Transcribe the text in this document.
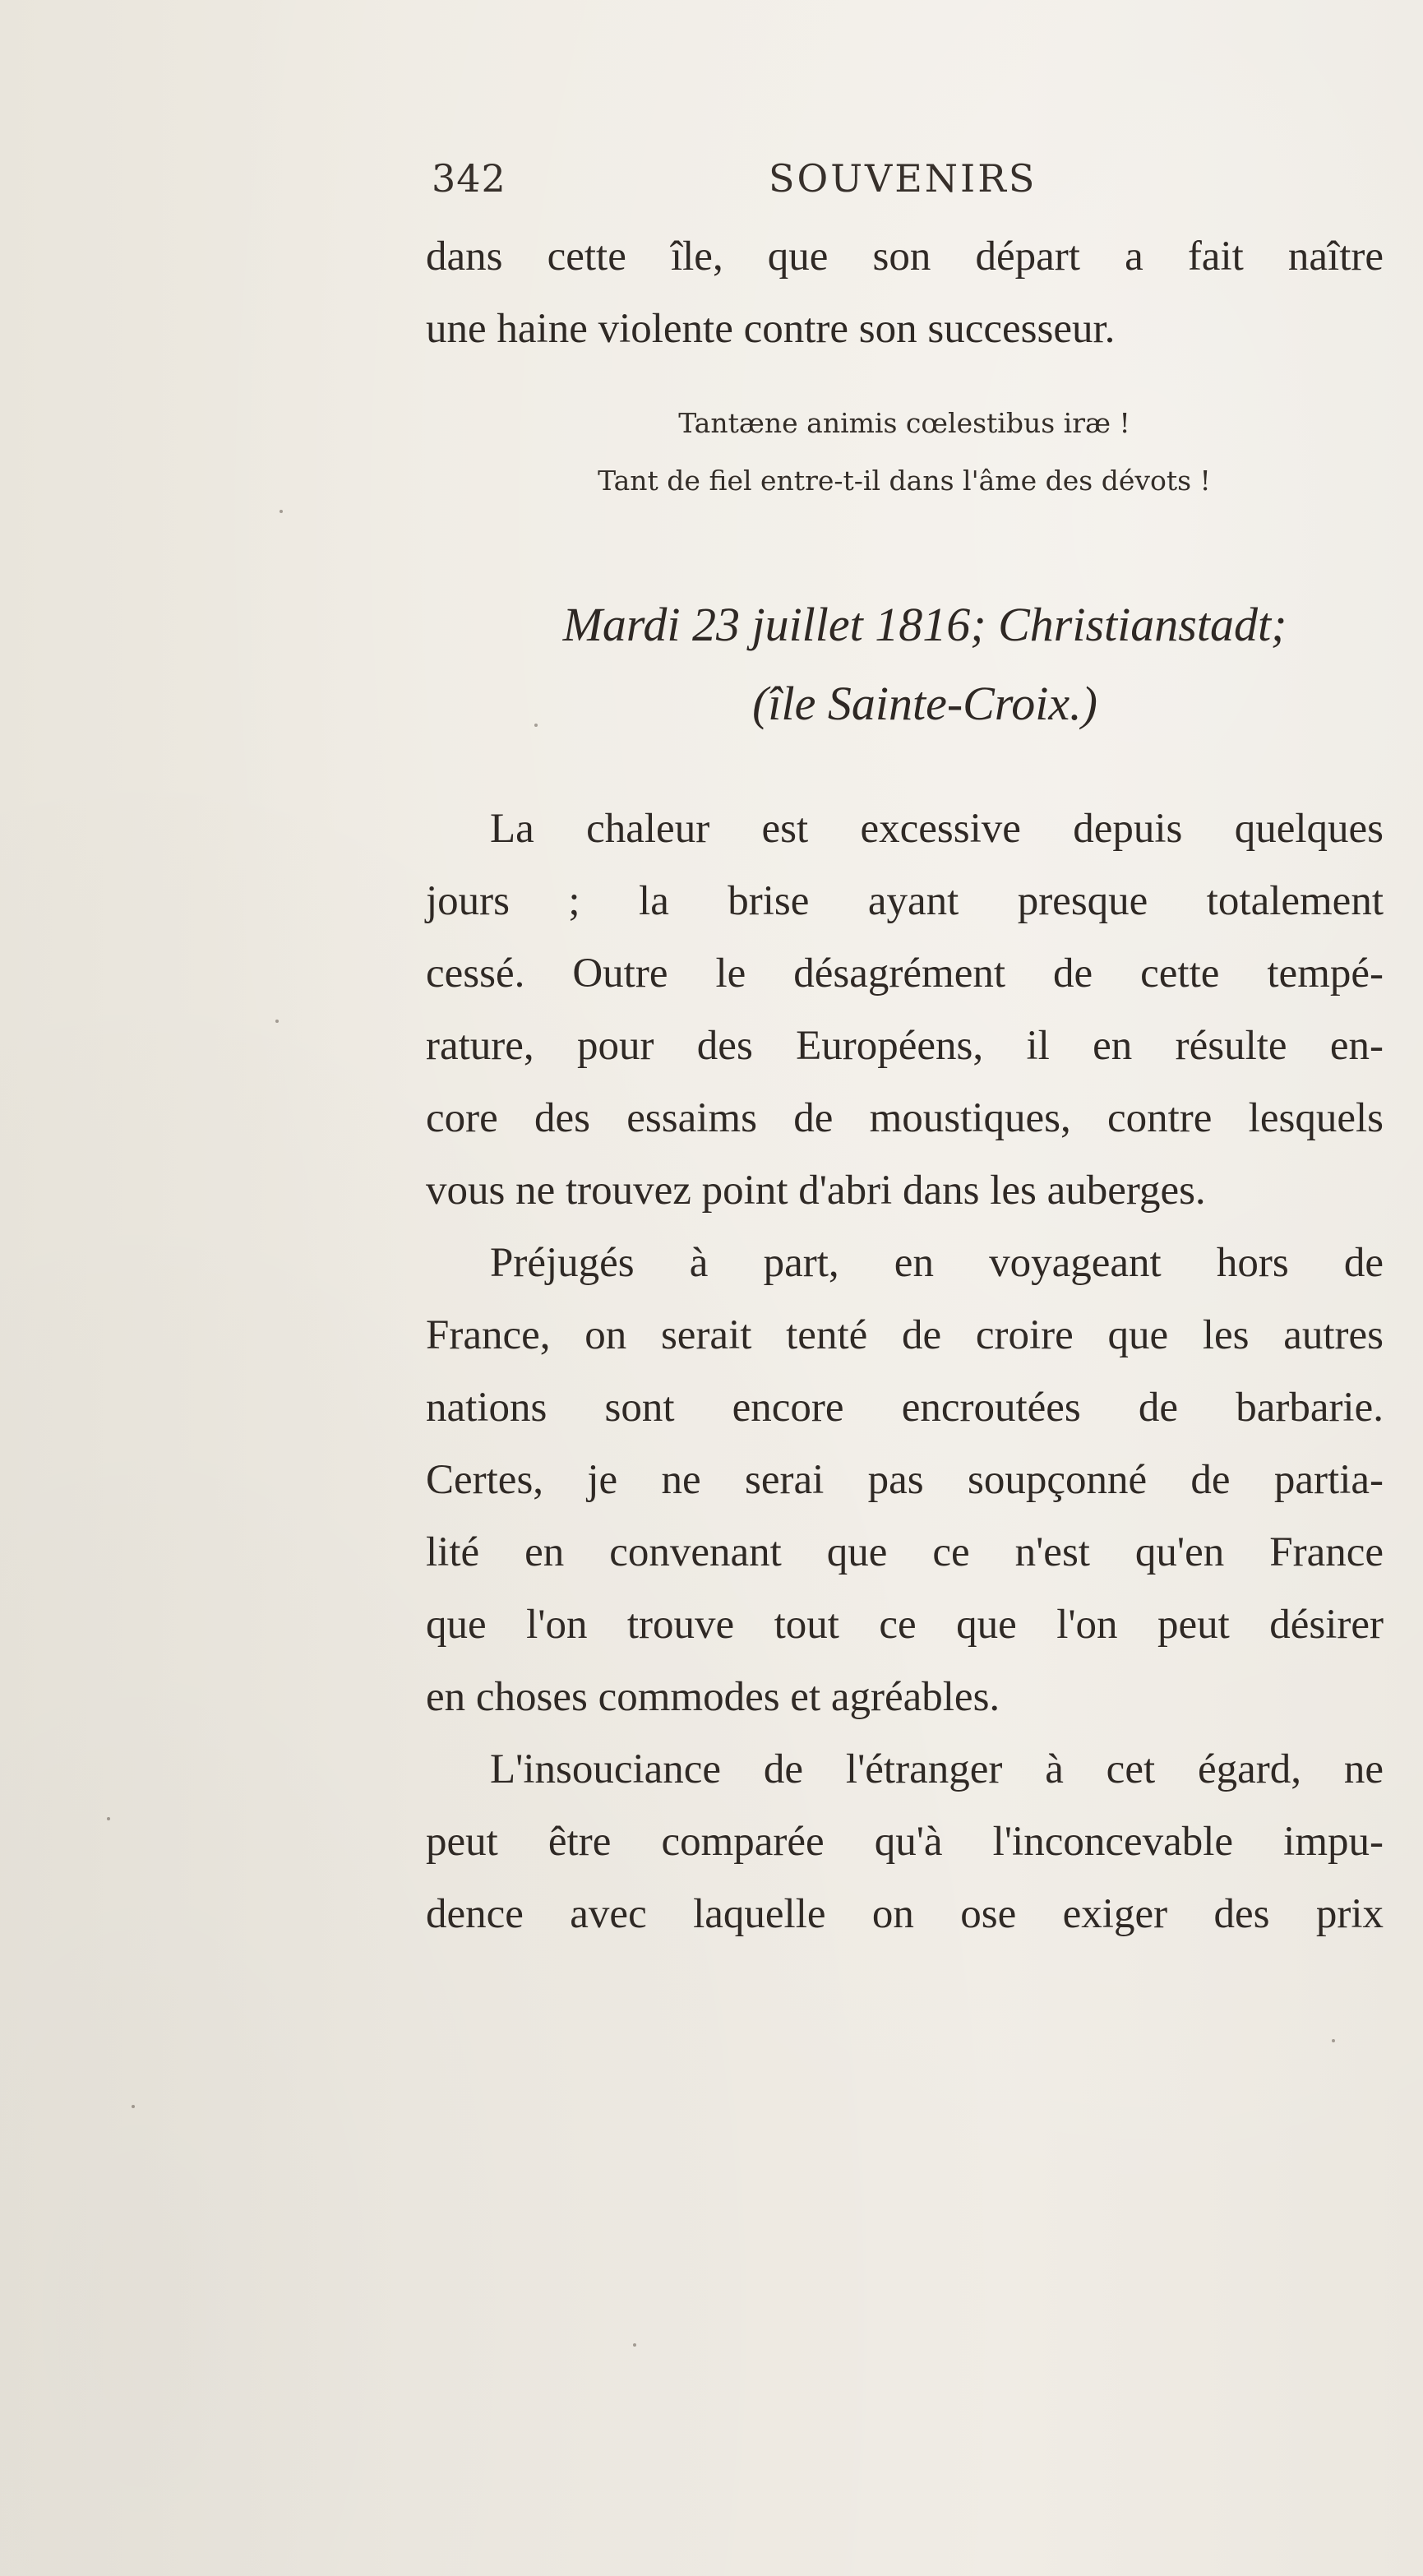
342	SOUVENIRS
dans cette île, que son départ a fait naître
une haine violente contre son successeur.
Tantæne animis cœlestibus iræ !
Tant de fiel entre-t-il dans l'âme des dévots !
Mardi 23 juillet 1816; Christianstadt;
(île Sainte-Croix.)
La chaleur est excessive depuis quelques
jours ; la brise ayant presque totalement
cessé. Outre le désagrément de cette tempé-
rature, pour des Européens, il en résulte en-
core des essaims de moustiques, contre lesquels
vous ne trouvez point d'abri dans les auberges.
Préjugés à part, en voyageant hors de
France, on serait tenté de croire que les autres
nations sont encore encroutées de barbarie.
Certes, je ne serai pas soupçonné de partia-
lité en convenant que ce n'est qu'en France
que l'on trouve tout ce que l'on peut désirer
en choses commodes et agréables.
L'insouciance de l'étranger à cet égard, ne
peut être comparée qu'à l'inconcevable impu-
dence avec laquelle on ose exiger des prix
